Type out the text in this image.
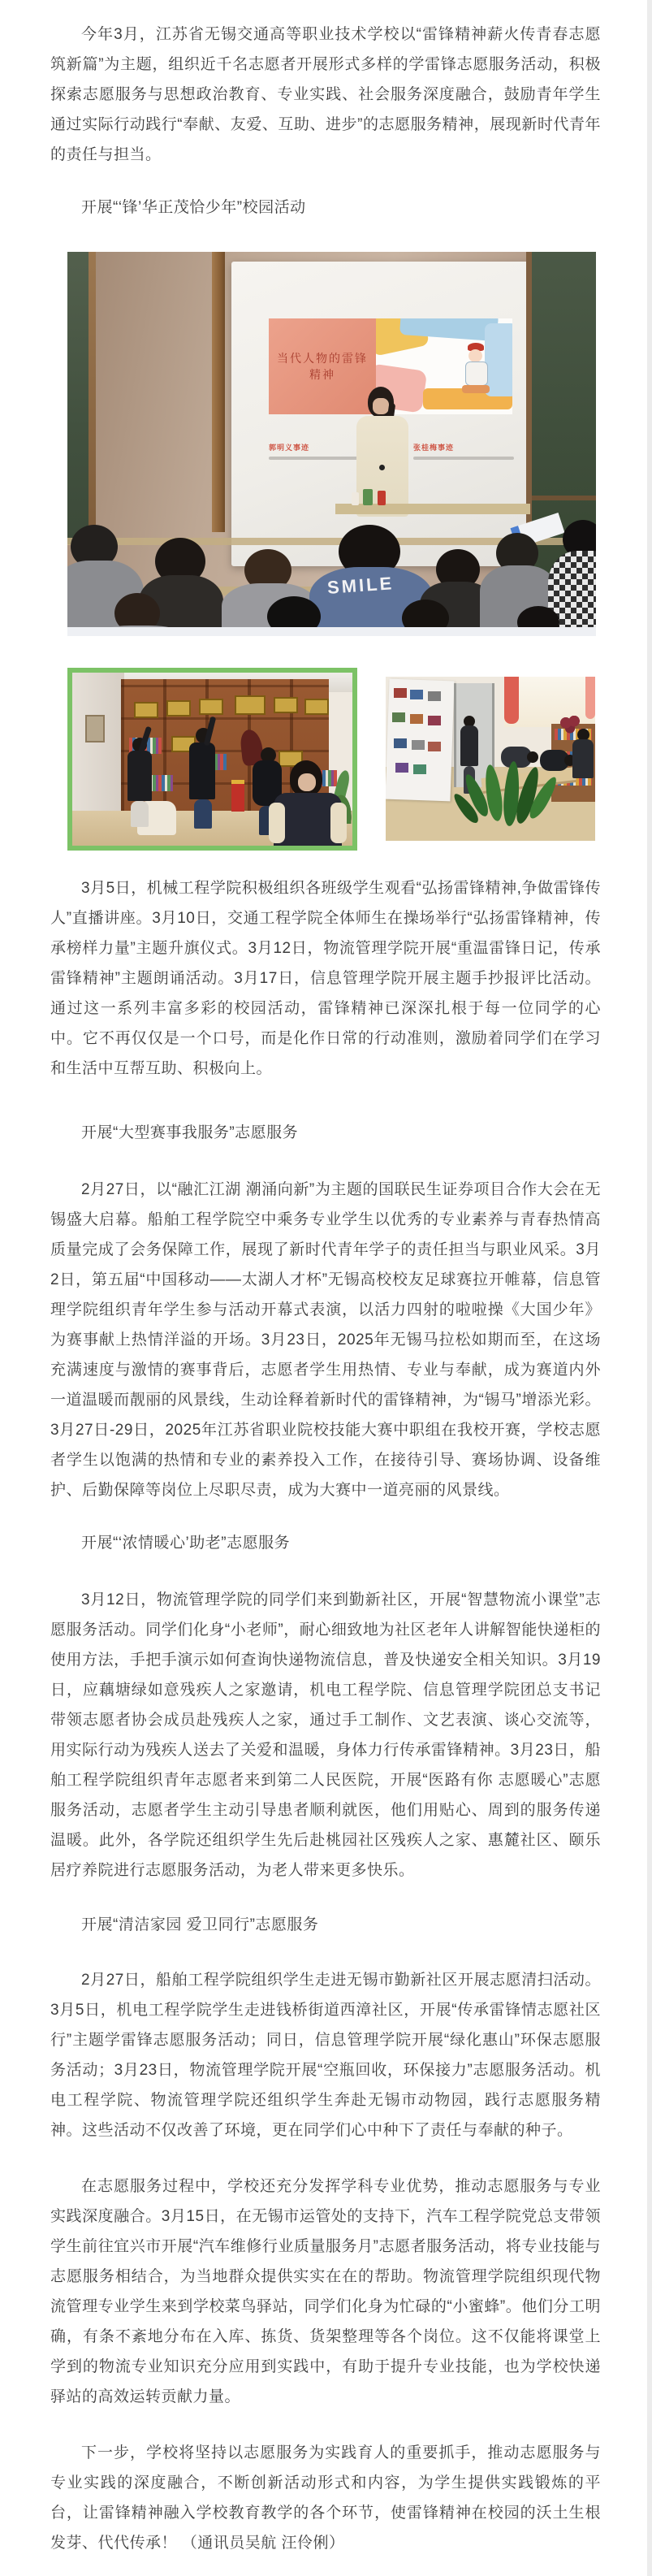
今年3月，江苏省无锡交通高等职业技术学校以“雷锋精神薪火传青春志愿筑新篇”为主题，组织近千名志愿者开展形式多样的学雷锋志愿服务活动，积极探索志愿服务与思想政治教育、专业实践、社会服务深度融合，鼓励青年学生通过实际行动践行“奉献、友爱、互助、进步”的志愿服务精神，展现新时代青年的责任与担当。

开展“‘锋’华正茂恰少年”校园活动

当代人物的雷锋精神
郭明义事迹	张桂梅事迹
SMILE

3月5日，机械工程学院积极组织各班级学生观看“弘扬雷锋精神,争做雷锋传人”直播讲座。3月10日，交通工程学院全体师生在操场举行“弘扬雷锋精神，传承榜样力量”主题升旗仪式。3月12日，物流管理学院开展“重温雷锋日记，传承雷锋精神”主题朗诵活动。3月17日，信息管理学院开展主题手抄报评比活动。通过这一系列丰富多彩的校园活动，雷锋精神已深深扎根于每一位同学的心中。它不再仅仅是一个口号，而是化作日常的行动准则，激励着同学们在学习和生活中互帮互助、积极向上。

开展“大型赛事我服务”志愿服务

2月27日，以“融汇江湖 潮涌向新”为主题的国联民生证券项目合作大会在无锡盛大启幕。船舶工程学院空中乘务专业学生以优秀的专业素养与青春热情高质量完成了会务保障工作，展现了新时代青年学子的责任担当与职业风采。3月2日，第五届“中国移动——太湖人才杯”无锡高校校友足球赛拉开帷幕，信息管理学院组织青年学生参与活动开幕式表演，以活力四射的啦啦操《大国少年》为赛事献上热情洋溢的开场。3月23日，2025年无锡马拉松如期而至，在这场充满速度与激情的赛事背后，志愿者学生用热情、专业与奉献，成为赛道内外一道温暖而靓丽的风景线，生动诠释着新时代的雷锋精神，为“锡马”增添光彩。3月27日-29日，2025年江苏省职业院校技能大赛中职组在我校开赛，学校志愿者学生以饱满的热情和专业的素养投入工作，在接待引导、赛场协调、设备维护、后勤保障等岗位上尽职尽责，成为大赛中一道亮丽的风景线。

开展“‘浓情暖心’助老”志愿服务

3月12日，物流管理学院的同学们来到勤新社区，开展“智慧物流小课堂”志愿服务活动。同学们化身“小老师”，耐心细致地为社区老年人讲解智能快递柜的使用方法，手把手演示如何查询快递物流信息，普及快递安全相关知识。3月19日，应藕塘绿如意残疾人之家邀请，机电工程学院、信息管理学院团总支书记带领志愿者协会成员赴残疾人之家，通过手工制作、文艺表演、谈心交流等，用实际行动为残疾人送去了关爱和温暖，身体力行传承雷锋精神。3月23日，船舶工程学院组织青年志愿者来到第二人民医院，开展“医路有你 志愿暖心”志愿服务活动，志愿者学生主动引导患者顺利就医，他们用贴心、周到的服务传递温暖。此外，各学院还组织学生先后赴桃园社区残疾人之家、惠麓社区、颐乐居疗养院进行志愿服务活动，为老人带来更多快乐。

开展“清洁家园 爱卫同行”志愿服务

2月27日，船舶工程学院组织学生走进无锡市勤新社区开展志愿清扫活动。3月5日，机电工程学院学生走进钱桥街道西漳社区，开展“传承雷锋情志愿社区行”主题学雷锋志愿服务活动；同日，信息管理学院开展“绿化惠山”环保志愿服务活动；3月23日，物流管理学院开展“空瓶回收，环保接力”志愿服务活动。机电工程学院、物流管理学院还组织学生奔赴无锡市动物园，践行志愿服务精神。这些活动不仅改善了环境，更在同学们心中种下了责任与奉献的种子。

在志愿服务过程中，学校还充分发挥学科专业优势，推动志愿服务与专业实践深度融合。3月15日，在无锡市运管处的支持下，汽车工程学院党总支带领学生前往宜兴市开展“汽车维修行业质量服务月”志愿者服务活动，将专业技能与志愿服务相结合，为当地群众提供实实在在的帮助。物流管理学院组织现代物流管理专业学生来到学校菜鸟驿站，同学们化身为忙碌的“小蜜蜂”。他们分工明确，有条不紊地分布在入库、拣货、货架整理等各个岗位。这不仅能将课堂上学到的物流专业知识充分应用到实践中，有助于提升专业技能，也为学校快递驿站的高效运转贡献力量。

下一步，学校将坚持以志愿服务为实践育人的重要抓手，推动志愿服务与专业实践的深度融合，不断创新活动形式和内容，为学生提供实践锻炼的平台，让雷锋精神融入学校教育教学的各个环节，使雷锋精神在校园的沃土生根发芽、代代传承！ （通讯员吴航 汪伶俐）
